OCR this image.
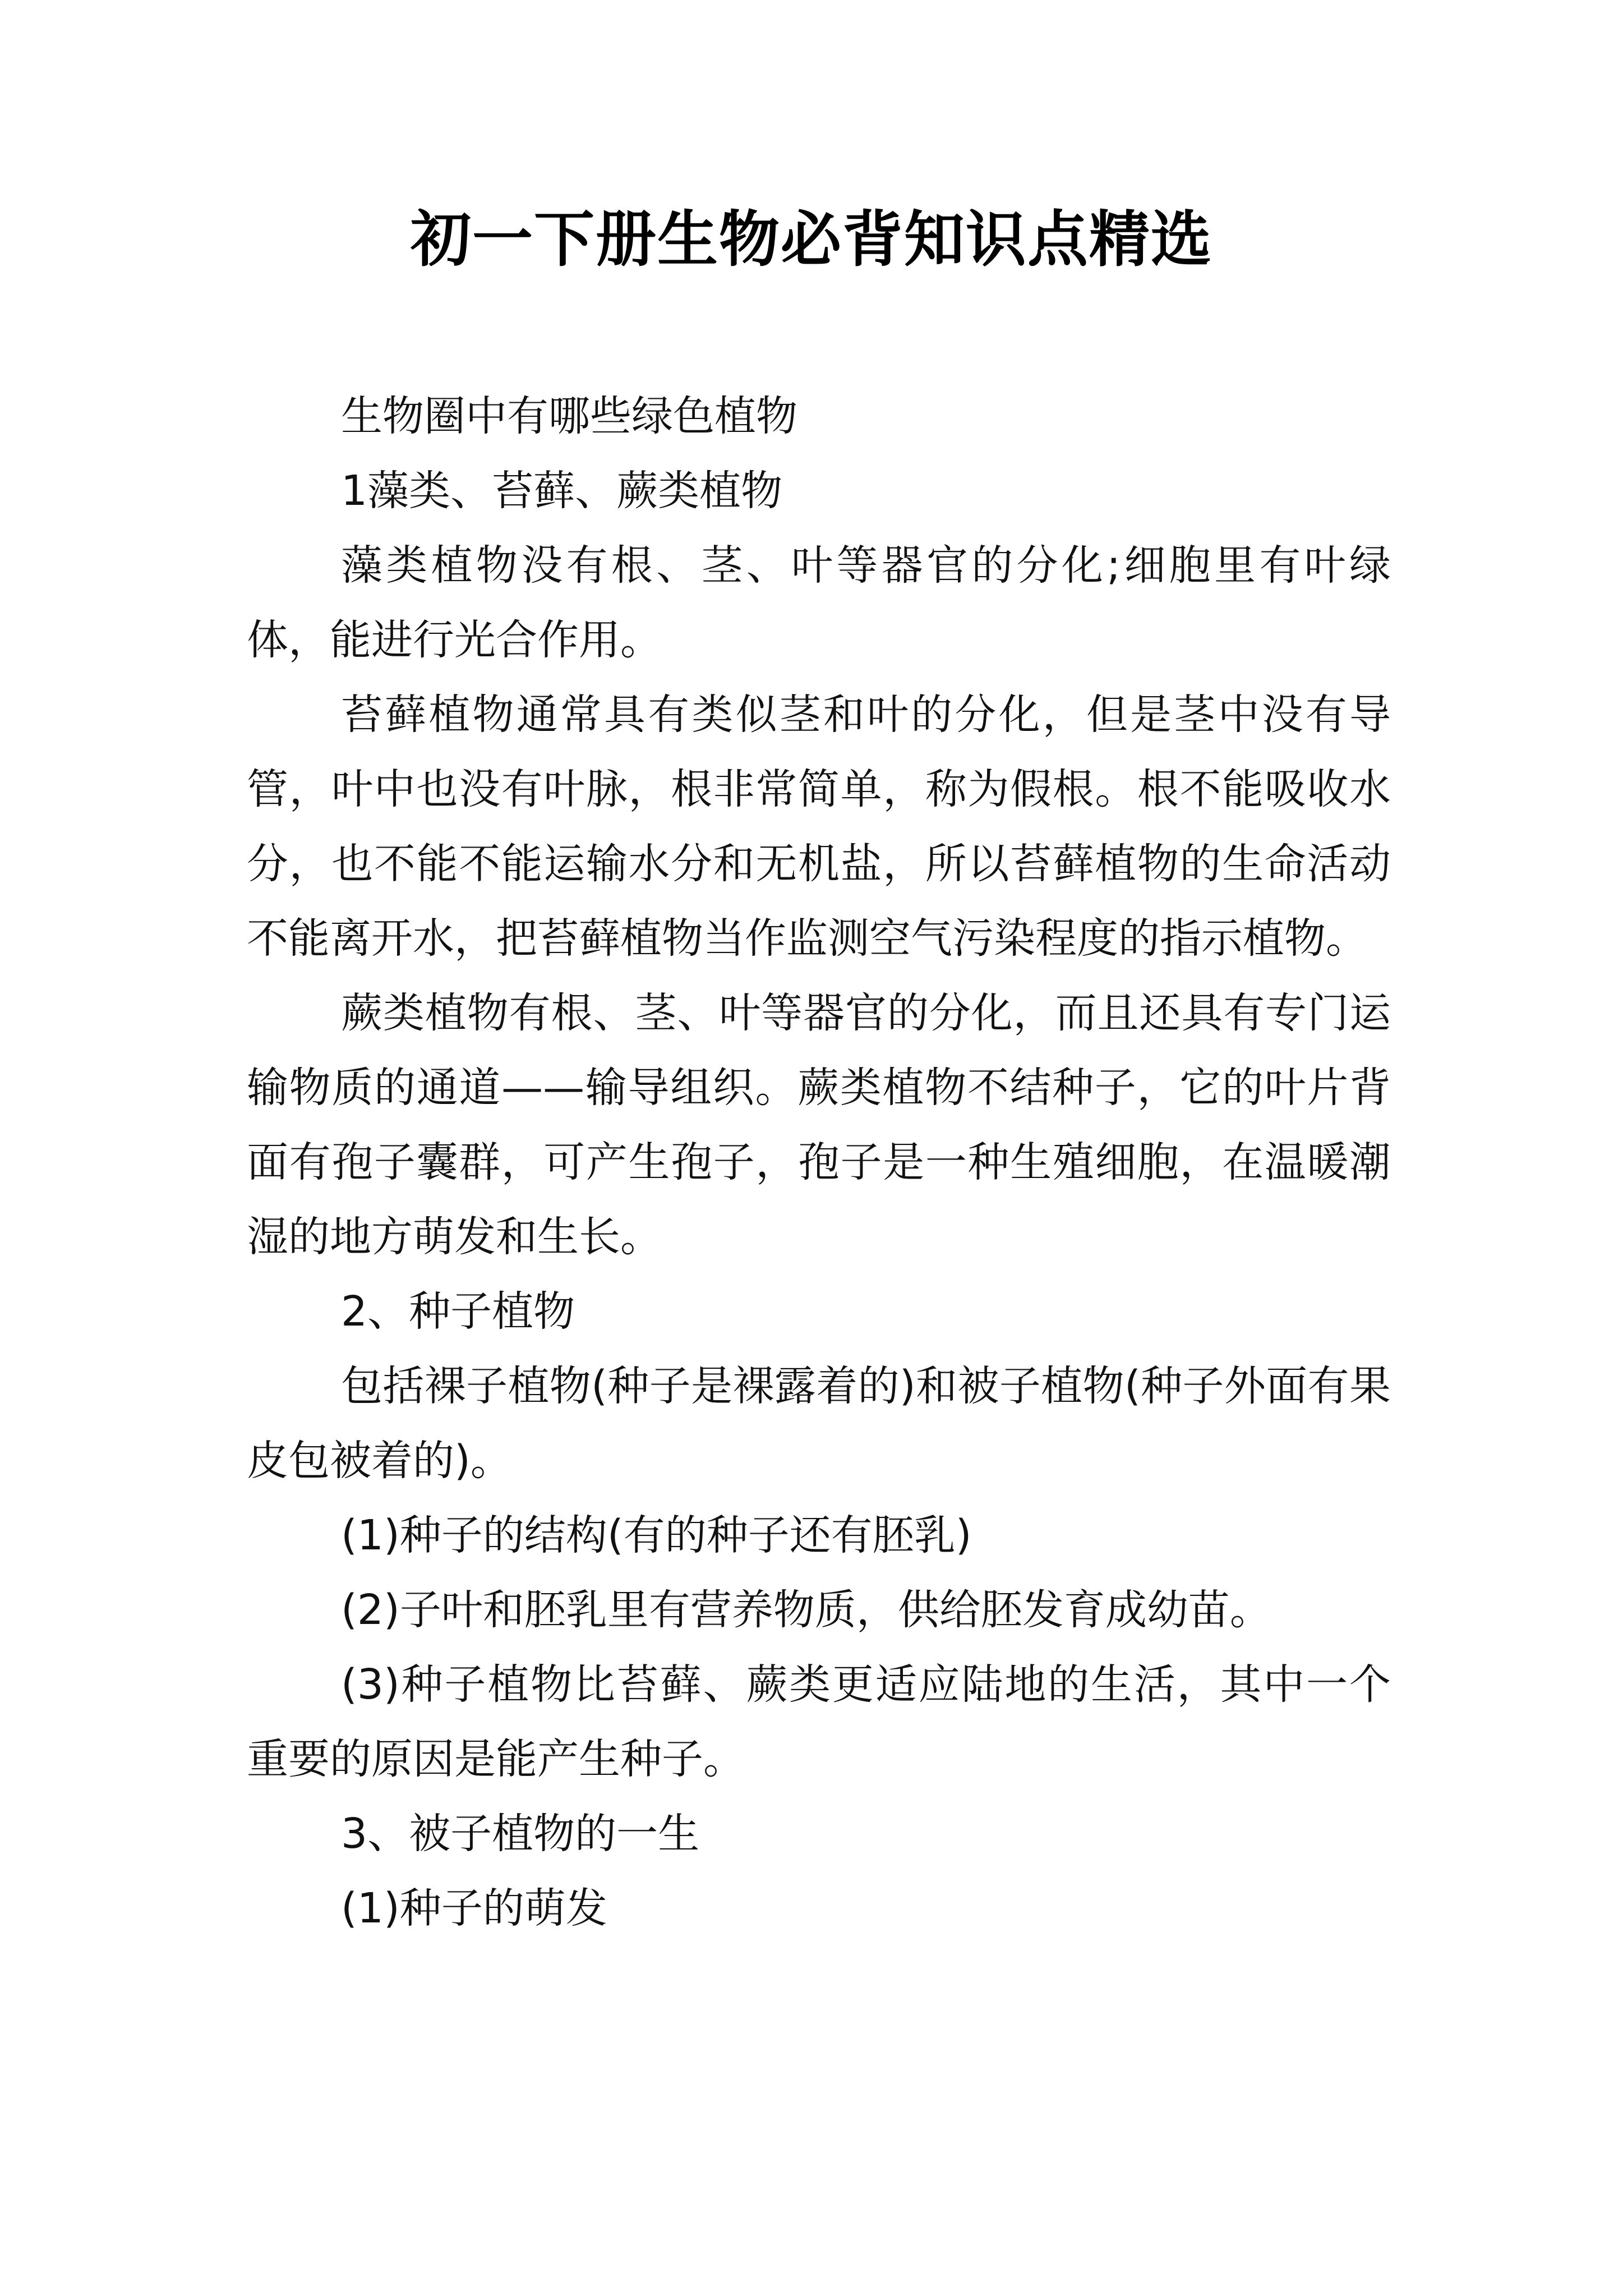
初一下册生物必背知识点精选

生物圈中有哪些绿色植物

1藻类、苔藓、蕨类植物

藻类植物没有根、茎、叶等器官的分化;细胞里有叶绿体，能进行光合作用。

苔藓植物通常具有类似茎和叶的分化，但是茎中没有导管，叶中也没有叶脉，根非常简单，称为假根。根不能吸收水分，也不能不能运输水分和无机盐，所以苔藓植物的生命活动不能离开水，把苔藓植物当作监测空气污染程度的指示植物。

蕨类植物有根、茎、叶等器官的分化，而且还具有专门运输物质的通道——输导组织。蕨类植物不结种子，它的叶片背面有孢子囊群，可产生孢子，孢子是一种生殖细胞，在温暖潮湿的地方萌发和生长。

2、种子植物

包括裸子植物(种子是裸露着的)和被子植物(种子外面有果皮包被着的)。

(1)种子的结构(有的种子还有胚乳)

(2)子叶和胚乳里有营养物质，供给胚发育成幼苗。

(3)种子植物比苔藓、蕨类更适应陆地的生活，其中一个重要的原因是能产生种子。

3、被子植物的一生

(1)种子的萌发
